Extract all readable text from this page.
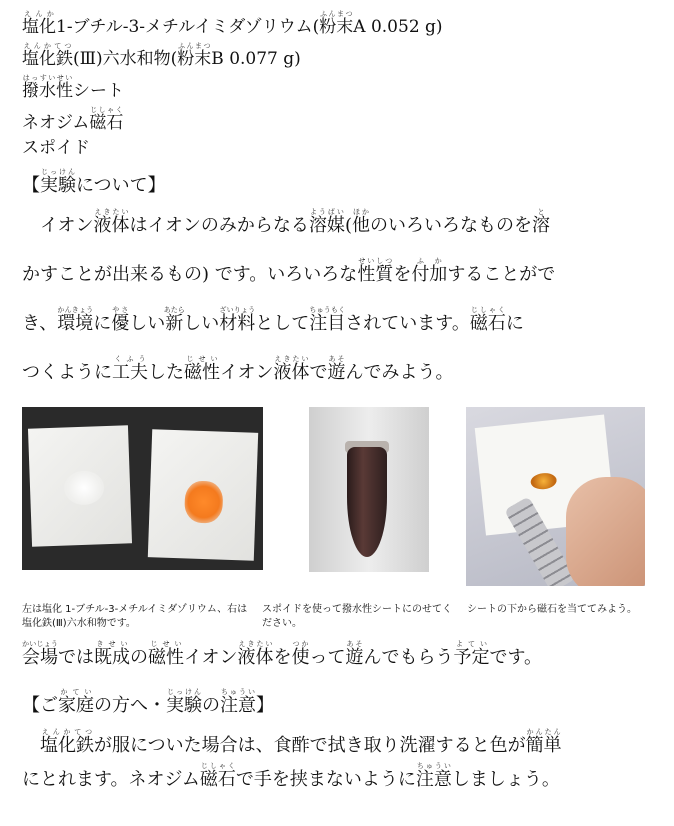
塩化えんか1-ブチル-3-メチルイミダゾリウム(粉末ふんまつA 0.052 g)
塩化鉄えんかてつ(Ⅲ)六水和物(粉末ふんまつB 0.077 g)
撥水性はっすいせいシート
ネオジム磁石じしゃく
スポイド
【実験じっけんについて】
　イオン液体えきたいはイオンのみからなる溶媒ようばい(他ほかのいろいろなものを溶と
かすことが出来るもの) です。いろいろな性質せいしつを付加ふかすることがで
き、環境かんきょうに優やさしい新あたらしい材料ざいりょうとして注目ちゅうもくされています。磁石じしゃくに
つくように工夫くふうした磁性じせいイオン液体えきたいで遊あそんでみよう。
左は塩化 1-ブチル-3-メチルイミダゾリウム、右は塩化鉄(Ⅲ)六水和物です。
スポイドを使って撥水性シートにのせてください。
シートの下から磁石を当ててみよう。
会場かいじょうでは既成きせいの磁性じせいイオン液体えきたいを使つかって遊あそんでもらう予定よていです。
【ご家庭かていの方へ・実験じっけんの注意ちゅうい】
　塩化鉄えんかてつが服についた場合は、食酢で拭き取り洗濯すると色が簡単かんたん
にとれます。ネオジム磁石じしゃくで手を挟まないように注意ちゅういしましょう。
